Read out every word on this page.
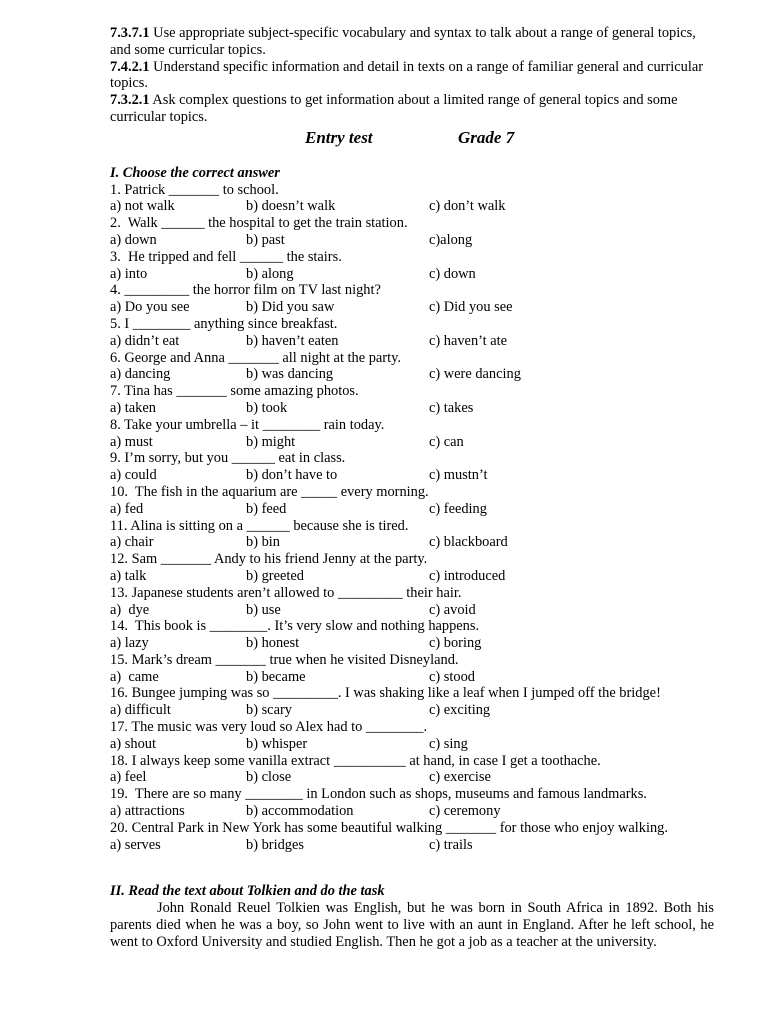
7.3.7.1 Use appropriate subject-specific vocabulary and syntax to talk about a range of general topics, and some curricular topics.
7.4.2.1 Understand specific information and detail in texts on a range of familiar general and curricular topics.
7.3.2.1 Ask complex questions to get information about a limited range of general topics and some curricular topics.
Entry test	Grade 7
I. Choose the correct answer
1. Patrick _______ to school.
a) not walk	b) doesn’t walk	c) don’t walk
2.  Walk ______ the hospital to get the train station.
a) down	b) past	c)along
3.  He tripped and fell ______ the stairs.
a) into	b) along	c) down
4. _________ the horror film on TV last night?
a) Do you see	b) Did you saw	c) Did you see
5. I ________ anything since breakfast.
a) didn’t eat	b) haven’t eaten	c) haven’t ate
6. George and Anna _______ all night at the party.
a) dancing	b) was dancing	c) were dancing
7. Tina has _______ some amazing photos.
a) taken	b) took	c) takes
8. Take your umbrella – it ________ rain today.
a) must	b) might	c) can
9. I’m sorry, but you ______ eat in class.
a) could	b) don’t have to	c) mustn’t
10.  The fish in the aquarium are _____ every morning.
a) fed	b) feed	c) feeding
11. Alina is sitting on a ______ because she is tired.
a) chair	b) bin	c) blackboard
12. Sam _______ Andy to his friend Jenny at the party.
a) talk	b) greeted	c) introduced
13. Japanese students aren’t allowed to _________ their hair.
a)  dye	b) use	c) avoid
14.  This book is ________. It’s very slow and nothing happens.
a) lazy	b) honest	c) boring
15. Mark’s dream _______ true when he visited Disneyland.
a)  came	b) became	c) stood
16. Bungee jumping was so _________. I was shaking like a leaf when I jumped off the bridge!
a) difficult	b) scary	c) exciting
17. The music was very loud so Alex had to ________.
a) shout	b) whisper	c) sing
18. I always keep some vanilla extract __________ at hand, in case I get a toothache.
a) feel	b) close	c) exercise
19.  There are so many ________ in London such as shops, museums and famous landmarks.
a) attractions	b) accommodation	c) ceremony
20. Central Park in New York has some beautiful walking _______ for those who enjoy walking.
a) serves	b) bridges	c) trails
II. Read the text about Tolkien and do the task

John Ronald Reuel Tolkien was English, but he was born in South Africa in 1892. Both his parents died when he was a boy, so John went to live with an aunt in England. After he left school, he went to Oxford University and studied English. Then he got a job as a teacher at the university.
